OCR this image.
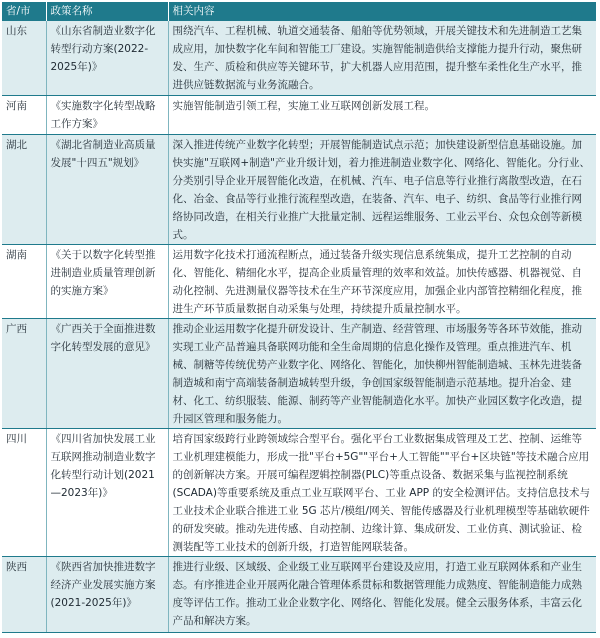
省/市	政策名称	相关内容
山东	《山东省制造业数字化转型行动方案(2022-2025年)》	围绕汽车、工程机械、轨道交通装备、船舶等优势领域，开展关键技术和先进制造工艺集成应用，加快数字化车间和智能工厂建设。实施智能制造供给支撑能力提升行动，聚焦研发、生产、质检和供应等关键环节，扩大机器人应用范围，提升整车柔性化生产水平，推进供应链数据流与业务流融合。
河南	《实施数字化转型战略工作方案》	实施智能制造引领工程，实施工业互联网创新发展工程。
湖北	《湖北省制造业高质量发展"十四五"规划》	深入推进传统产业数字化转型；开展智能制造试点示范；加快建设新型信息基础设施。加快实施"互联网+制造"产业升级计划，着力推进制造业数字化、网络化、智能化。分行业、分类别引导企业开展智能化改造，在机械、汽车、电子信息等行业推行离散型改造，在石化、冶金、食品等行业推行流程型改造，在装备、汽车、电子、纺织、食品等行业推行网络协同改造，在相关行业推广大批量定制、远程运维服务、工业云平台、众包众创等新模式。
湖南	《关于以数字化转型推进制造业质量管理创新的实施方案》	运用数字化技术打通流程断点，通过装备升级实现信息系统集成，提升工艺控制的自动化、智能化、精细化水平，提高企业质量管理的效率和效益。加快传感器、机器视觉、自动化控制、先进测量仪器等技术在生产环节深度应用，加强企业内部管控精细化程度，推进生产环节质量数据自动采集与处理，持续提升质量控制水平。
广西	《广西关于全面推进数字化转型发展的意见》	推动企业运用数字化提升研发设计、生产制造、经营管理、市场服务等各环节效能，推动实现工业产品普遍具备联网功能和全生命周期的信息化操作及管理。重点推进汽车、机械、制糖等传统优势产业数字化、网络化、智能化，加快柳州智能制造城、玉林先进装备制造城和南宁高端装备制造城转型升级，争创国家级智能制造示范基地。提升冶金、建材、化工、纺织服装、能源、制药等产业智能制造化水平。加快产业园区数字化改造，提升园区管理和服务能力。
四川	《四川省加快发展工业互联网推动制造业数字化转型行动计划(2021—2023年)》	培育国家级跨行业跨领域综合型平台。强化平台工业数据集成管理及工艺、控制、运维等工业机理建模能力，形成一批"平台+5G""平台+人工智能""平台+区块链"等技术融合应用的创新解决方案。开展可编程逻辑控制器(PLC)等重点设备、数据采集与监视控制系统(SCADA)等重要系统及重点工业互联网平台、工业 APP 的安全检测评估。支持信息技术与工业技术企业联合推进工业 5G 芯片/模组/网关、智能传感器及行业机理模型等基础软硬件的研发突破。推动先进传感、自动控制、边缘计算、集成研发、工业仿真、测试验证、检测装配等工业技术的创新升级，打造智能网联装备。
陕西	《陕西省加快推进数字经济产业发展实施方案(2021-2025年)》	推进行业级、区域级、企业级工业互联网平台建设及应用，打造工业互联网体系和产业生态。有序推进企业开展两化融合管理体系贯标和数据管理能力成熟度、智能制造能力成熟度等评估工作。推动工业企业数字化、网络化、智能化发展。健全云服务体系，丰富云化产品和解决方案。
